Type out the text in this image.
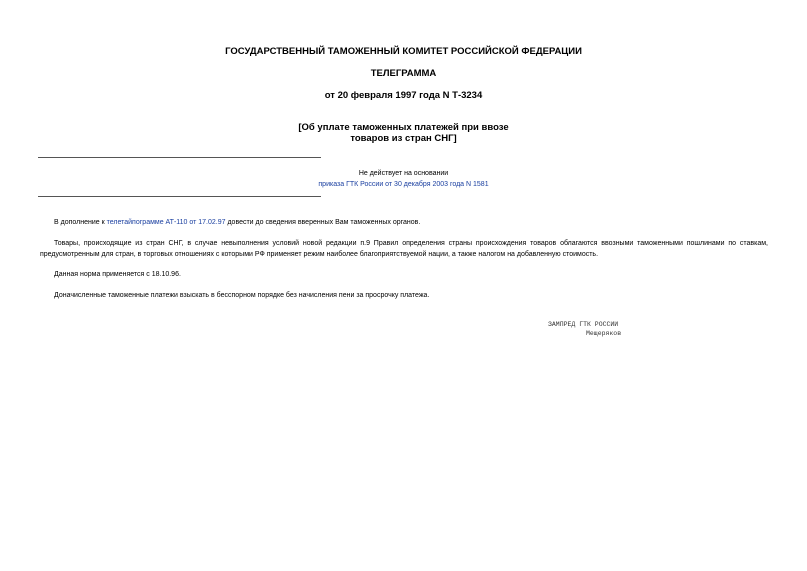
ГОСУДАРСТВЕННЫЙ ТАМОЖЕННЫЙ КОМИТЕТ РОССИЙСКОЙ ФЕДЕРАЦИИ
ТЕЛЕГРАММА
от 20 февраля 1997 года N Т-3234
[Об уплате таможенных платежей при ввозе
товаров из стран СНГ]
Не действует на основании
приказа ГТК России от 30 декабря 2003 года N 1581
В дополнение к телетайпограмме АТ-110 от 17.02.97 довести до сведения вверенных Вам таможенных органов.
Товары, происходящие из стран СНГ, в случае невыполнения условий новой редакции п.9 Правил определения страны происхождения товаров облагаются ввозными таможенными пошлинами по ставкам, предусмотренным для стран, в торговых отношениях с которыми РФ применяет режим наиболее благоприятствуемой нации, а также налогом на добавленную стоимость.
Данная норма применяется с 18.10.96.
Доначисленные таможенные платежи взыскать в бесспорном порядке без начисления пени за просрочку платежа.
ЗАМПРЕД ГТК РОССИИ
Мещеряков
